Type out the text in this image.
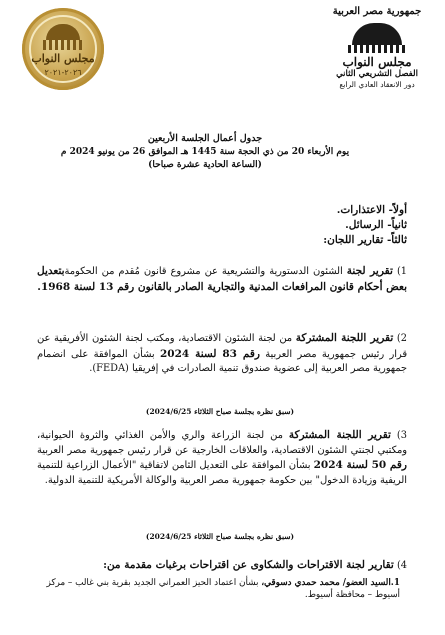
مجلس النواب
٢٠٢٦-٢٠٢١
جمهورية مصر العربية
مجلس النواب
الفصل التشريعي الثاني
دور الانعقاد العادي الرابع
جدول أعمال الجلسة الأربعين
يوم الأربعاء 20 من ذي الحجة سنة 1445 هـ الموافق 26 من يونيو 2024 م
(الساعة الحادية عشرة صباحا)
أولاً- الاعتذارات.
ثانياً- الرسائل.
ثالثاً- تقارير اللجان:
1) تقرير لجنة الشئون الدستورية والتشريعية عن مشروع قانون مُقدم من الحكومةبتعديل بعض أحكام قانون المرافعات المدنية والتجارية الصادر بالقانون رقم 13 لسنة 1968.
2) تقرير اللجنة المشتركة من لجنة الشئون الاقتصادية، ومكتب لجنة الشئون الأفريقية عن قرار رئيس جمهورية مصر العربية رقم 83 لسنة 2024 بشأن الموافقة على انضمام جمهورية مصر العربية إلى عضوية صندوق تنمية الصادرات في إفريقيا (FEDA).
(سبق نظره بجلسة صباح الثلاثاء 2024/6/25)
3) تقرير اللجنة المشتركة من لجنة الزراعة والري والأمن الغذائي والثروة الحيوانية، ومكتبي لجنتي الشئون الاقتصادية، والعلاقات الخارجية عن قرار رئيس جمهورية مصر العربية رقم 50 لسنة 2024 بشأن الموافقة على التعديل الثامن لاتفاقية "الأعمال الزراعية للتنمية الريفية وزيادة الدخول" بين حكومة جمهورية مصر العربية والوكالة الأمريكية للتنمية الدولية.
(سبق نظره بجلسة صباح الثلاثاء 2024/6/25)
4) تقارير لجنة الاقتراحات والشكاوى عن اقتراحات برغبات مقدمة من:
1.السيد العضو/ محمد حمدي دسوقي، بشأن اعتماد الحيز العمراني الجديد بقرية بني غالب – مركز أسيوط – محافظة أسيوط.
